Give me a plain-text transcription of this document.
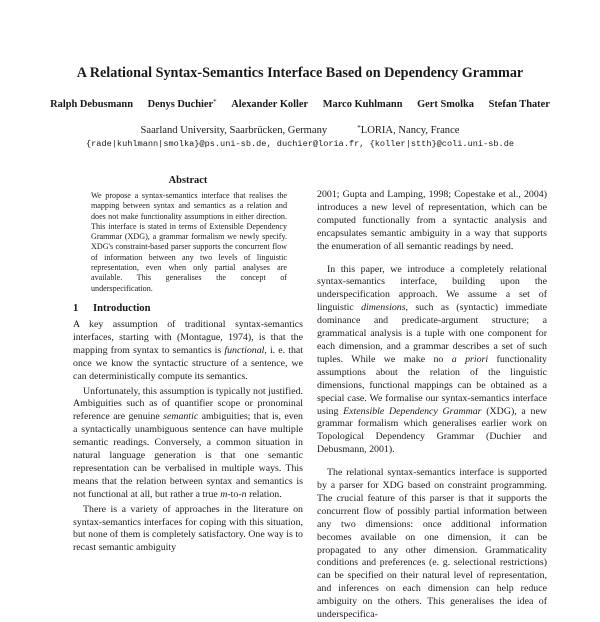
A Relational Syntax-Semantics Interface Based on Dependency Grammar
Ralph Debusmann Denys Duchier* Alexander Koller Marco Kuhlmann Gert Smolka Stefan Thater
Saarland University, Saarbrücken, Germany	*LORIA, Nancy, France
{rade|kuhlmann|smolka}@ps.uni-sb.de, duchier@loria.fr, {koller|stth}@coli.uni-sb.de
Abstract

We propose a syntax-semantics interface that realises the mapping between syntax and semantics as a relation and does not make functionality assumptions in either direction. This interface is stated in terms of Extensible Dependency Grammar (XDG), a grammar formalism we newly specify. XDG's constraint-based parser supports the concurrent flow of information between any two levels of linguistic representation, even when only partial analyses are available. This generalises the concept of underspecification.

1 Introduction

A key assumption of traditional syntax-semantics interfaces, starting with (Montague, 1974), is that the mapping from syntax to semantics is functional, i. e. that once we know the syntactic structure of a sentence, we can deterministically compute its semantics.

Unfortunately, this assumption is typically not justified. Ambiguities such as of quantifier scope or pronominal reference are genuine semantic ambiguities; that is, even a syntactically unambiguous sentence can have multiple semantic readings. Conversely, a common situation in natural language generation is that one semantic representation can be verbalised in multiple ways. This means that the relation between syntax and semantics is not functional at all, but rather a true m-to-n relation.

There is a variety of approaches in the literature on syntax-semantics interfaces for coping with this situation, but none of them is completely satisfactory. One way is to recast semantic ambiguity

2001; Gupta and Lamping, 1998; Copestake et al., 2004) introduces a new level of representation, which can be computed functionally from a syntactic analysis and encapsulates semantic ambiguity in a way that supports the enumeration of all semantic readings by need.

In this paper, we introduce a completely relational syntax-semantics interface, building upon the underspecification approach. We assume a set of linguistic dimensions, such as (syntactic) immediate dominance and predicate-argument structure; a grammatical analysis is a tuple with one component for each dimension, and a grammar describes a set of such tuples. While we make no a priori functionality assumptions about the relation of the linguistic dimensions, functional mappings can be obtained as a special case. We formalise our syntax-semantics interface using Extensible Dependency Grammar (XDG), a new grammar formalism which generalises earlier work on Topological Dependency Grammar (Duchier and Debusmann, 2001).

The relational syntax-semantics interface is supported by a parser for XDG based on constraint programming. The crucial feature of this parser is that it supports the concurrent flow of possibly partial information between any two dimensions: once additional information becomes available on one dimension, it can be propagated to any other dimension. Grammaticality conditions and preferences (e. g. selectional restrictions) can be specified on their natural level of representation, and inferences on each dimension can help reduce ambiguity on the others. This generalises the idea of underspecifica-
